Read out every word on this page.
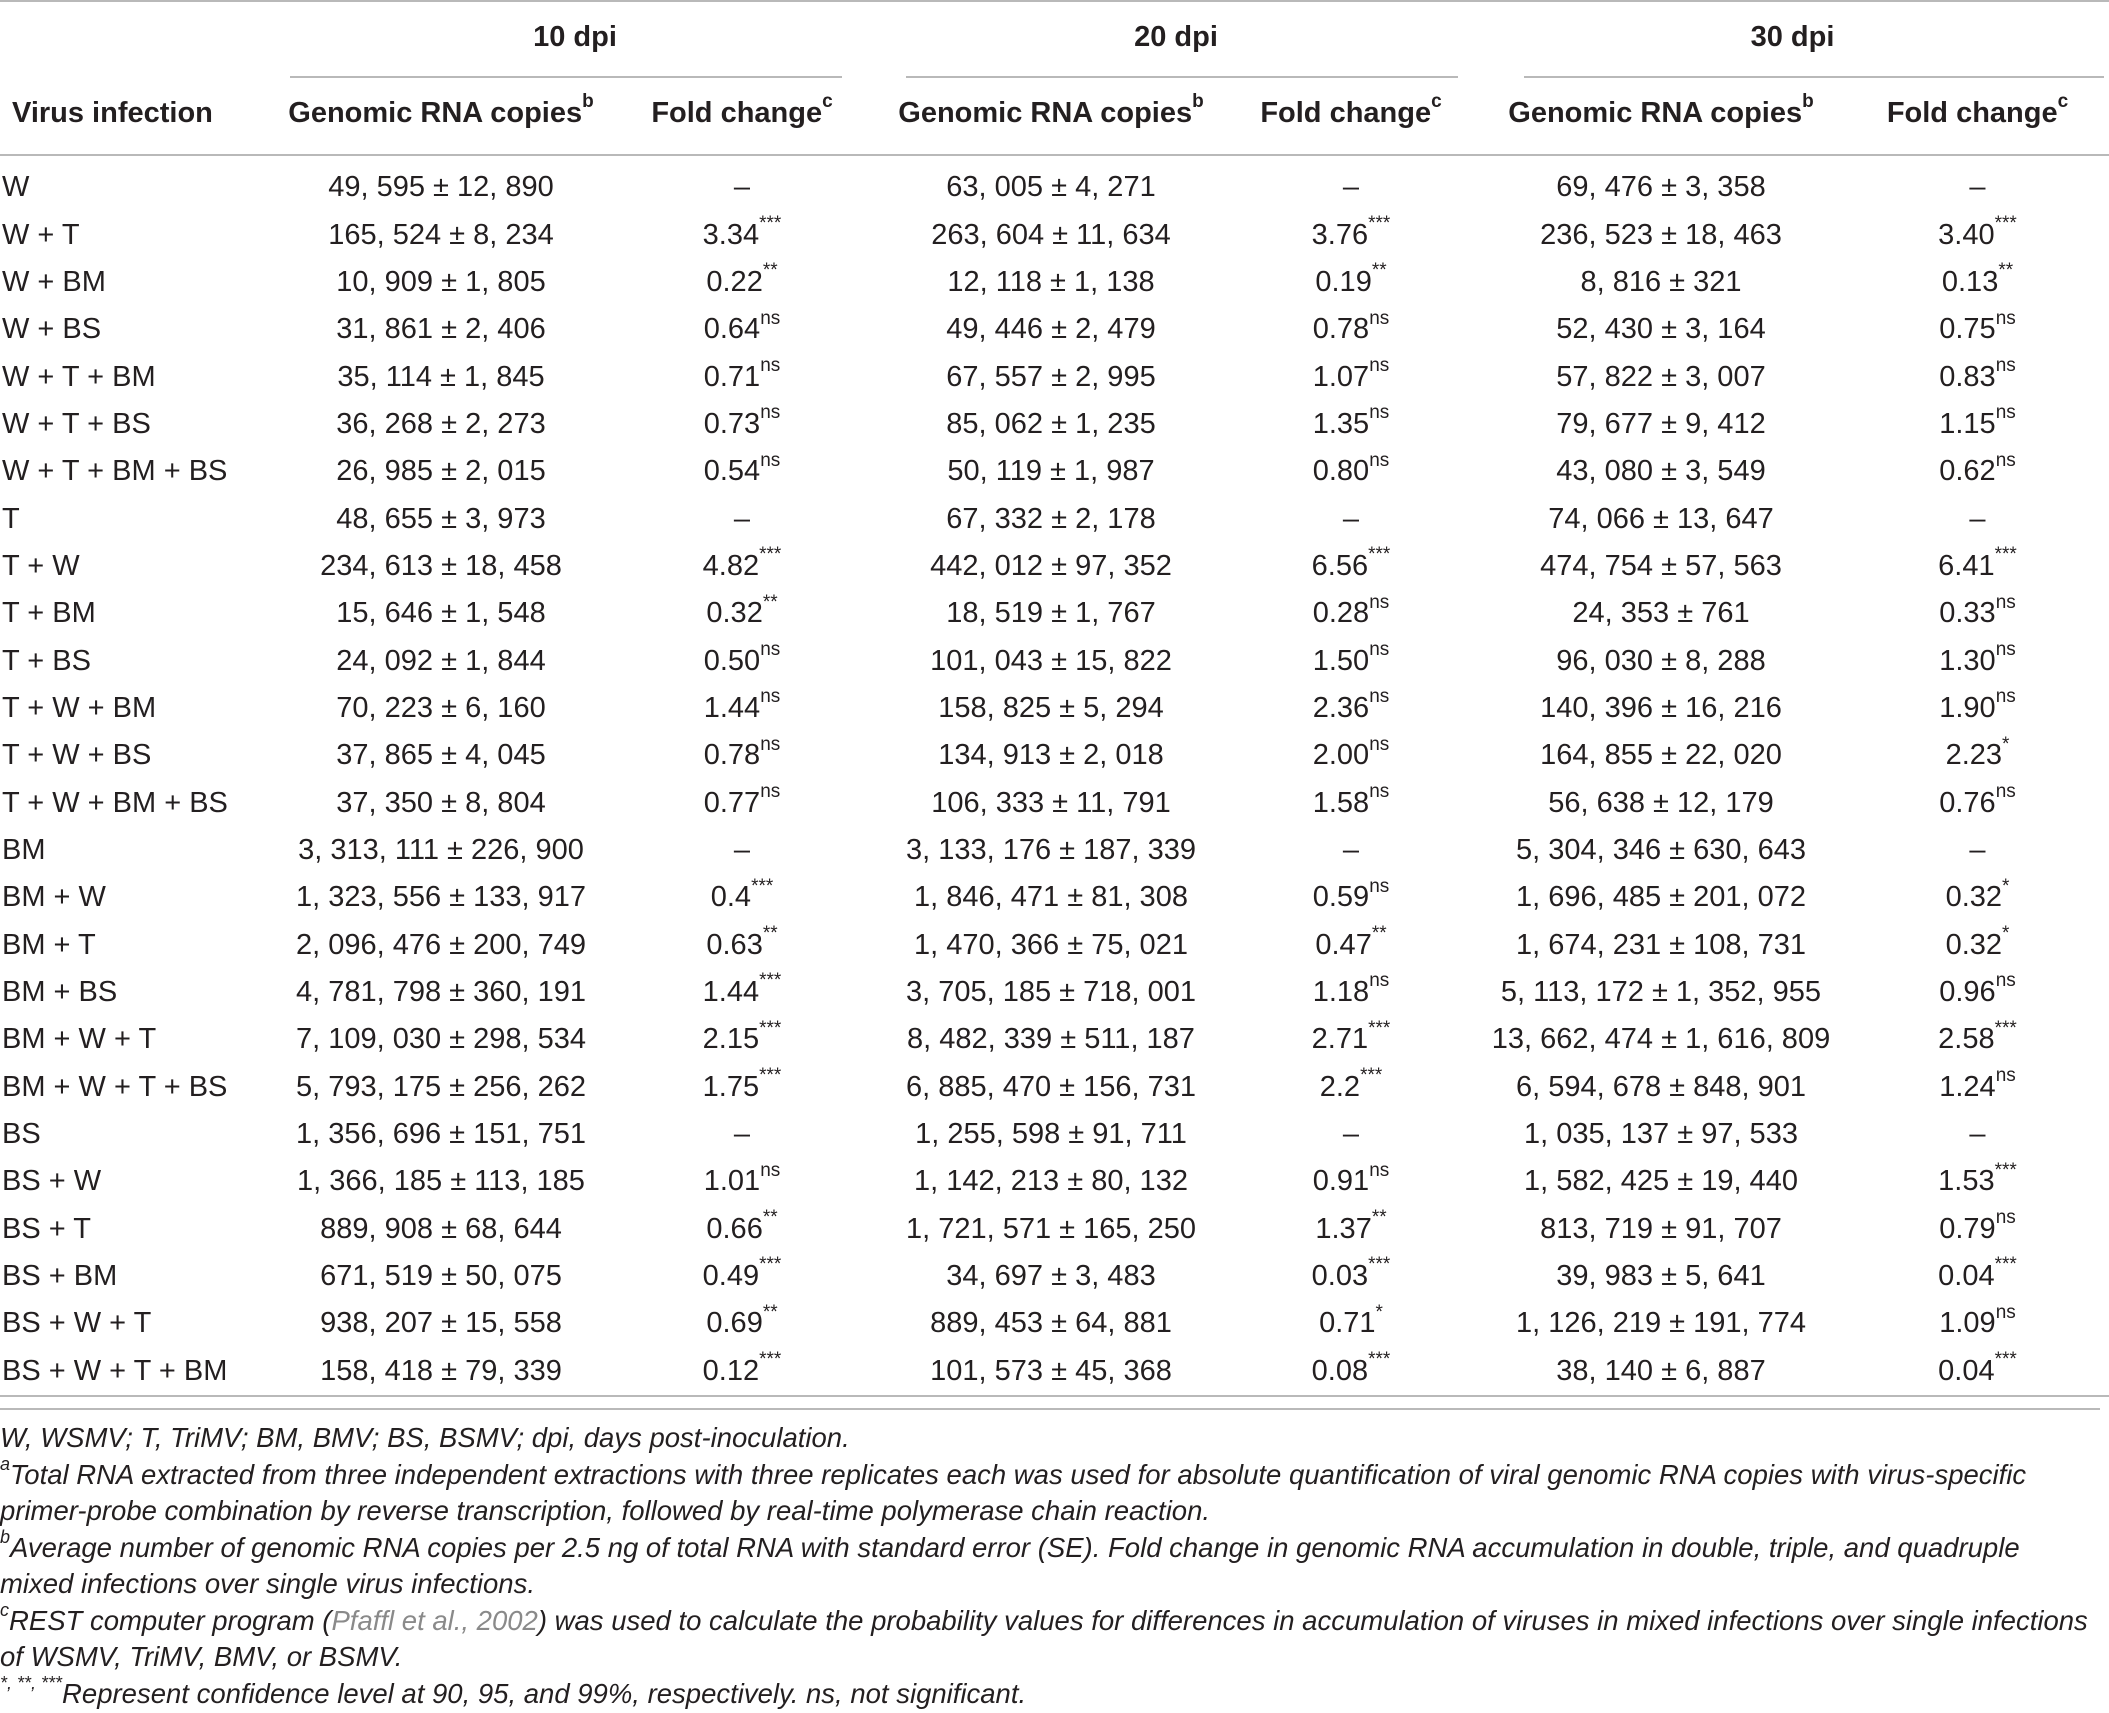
	10 dpi		20 dpi		30 dpi	
Virus infection	Genomic RNA copies$^b$	Fold change$^c$	Genomic RNA copies$^b$	Fold change$^c$	Genomic RNA copies$^b$	Fold change$^c$
W	49, 595 ± 12, 890	–	63, 005 ± 4, 271	–	69, 476 ± 3, 358	–
W + T	165, 524 ± 8, 234	3.34***	263, 604 ± 11, 634	3.76***	236, 523 ± 18, 463	3.40***
W + BM	10, 909 ± 1, 805	0.22**	12, 118 ± 1, 138	0.19**	8, 816 ± 321	0.13**
W + BS	31, 861 ± 2, 406	$0.64^{ns}$	49, 446 ± 2, 479	$0.78^{ns}$	52, 430 ± 3, 164	$0.75^{ns}$
W + T + BM	35, 114 ± 1, 845	$0.71^{ns}$	67, 557 ± 2, 995	$1.07^{ns}$	57, 822 ± 3, 007	$0.83^{ns}$
W + T + BS	36, 268 ± 2, 273	$0.73^{ns}$	85, 062 ± 1, 235	$1.35^{ns}$	79, 677 ± 9, 412	$1.15^{ns}$
W + T + BM + BS	26, 985 ± 2, 015	$0.54^{ns}$	50, 119 ± 1, 987	$0.80^{ns}$	43, 080 ± 3, 549	$0.62^{ns}$
T	48, 655 ± 3, 973	–	67, 332 ± 2, 178	–	74, 066 ± 13, 647	–
T + W	234, 613 ± 18, 458	4.82***	442, 012 ± 97, 352	6.56***	474, 754 ± 57, 563	6.41***
T + BM	15, 646 ± 1, 548	0.32**	18, 519 ± 1, 767	$0.28^{ns}$	24, 353 ± 761	$0.33^{ns}$
T + BS	24, 092 ± 1, 844	$0.50^{ns}$	101, 043 ± 15, 822	$1.50^{ns}$	96, 030 ± 8, 288	$1.30^{ns}$
T + W + BM	70, 223 ± 6, 160	$1.44^{ns}$	158, 825 ± 5, 294	$2.36^{ns}$	140, 396 ± 16, 216	$1.90^{ns}$
T + W + BS	37, 865 ± 4, 045	$0.78^{ns}$	134, 913 ± 2, 018	$2.00^{ns}$	164, 855 ± 22, 020	2.23*
T + W + BM + BS	37, 350 ± 8, 804	$0.77^{ns}$	106, 333 ± 11, 791	$1.58^{ns}$	56, 638 ± 12, 179	$0.76^{ns}$
BM	3, 313, 111 ± 226, 900	–	3, 133, 176 ± 187, 339	–	5, 304, 346 ± 630, 643	–
BM + W	1, 323, 556 ± 133, 917	0.4***	1, 846, 471 ± 81, 308	$0.59^{ns}$	1, 696, 485 ± 201, 072	0.32*
BM + T	2, 096, 476 ± 200, 749	0.63**	1, 470, 366 ± 75, 021	0.47**	1, 674, 231 ± 108, 731	0.32*
BM + BS	4, 781, 798 ± 360, 191	1.44***	3, 705, 185 ± 718, 001	$1.18^{ns}$	5, 113, 172 ± 1, 352, 955	$0.96^{ns}$
BM + W + T	7, 109, 030 ± 298, 534	2.15***	8, 482, 339 ± 511, 187	2.71***	13, 662, 474 ± 1, 616, 809	2.58***
BM + W + T + BS	5, 793, 175 ± 256, 262	1.75***	6, 885, 470 ± 156, 731	2.2***	6, 594, 678 ± 848, 901	$1.24^{ns}$
BS	1, 356, 696 ± 151, 751	–	1, 255, 598 ± 91, 711	–	1, 035, 137 ± 97, 533	–
BS + W	1, 366, 185 ± 113, 185	$1.01^{ns}$	1, 142, 213 ± 80, 132	$0.91^{ns}$	1, 582, 425 ± 19, 440	1.53***
BS + T	889, 908 ± 68, 644	0.66**	1, 721, 571 ± 165, 250	1.37**	813, 719 ± 91, 707	$0.79^{ns}$
BS + BM	671, 519 ± 50, 075	0.49***	34, 697 ± 3, 483	0.03***	39, 983 ± 5, 641	0.04***
BS + W + T	938, 207 ± 15, 558	0.69**	889, 453 ± 64, 881	0.71*	1, 126, 219 ± 191, 774	$1.09^{ns}$
BS + W + T + BM	158, 418 ± 79, 339	0.12***	101, 573 ± 45, 368	0.08***	38, 140 ± 6, 887	0.04***

W, WSMV; T, TriMV; BM, BMV; BS, BSMV; dpi, days post-inoculation.

$^a$Total RNA extracted from three independent extractions with three replicates each was used for absolute quantification of viral genomic RNA copies with virus-specific primer-probe combination by reverse transcription, followed by real-time polymerase chain reaction.

$^b$Average number of genomic RNA copies per 2.5 ng of total RNA with standard error (SE). Fold change in genomic RNA accumulation in double, triple, and quadruple mixed infections over single virus infections.

$^c$REST computer program (Pfaffl et al., 2002) was used to calculate the probability values for differences in accumulation of viruses in mixed infections over single infections of WSMV, TriMV, BMV, or BSMV.

*, **, ***Represent confidence level at 90, 95, and 99%, respectively. ns, not significant.
